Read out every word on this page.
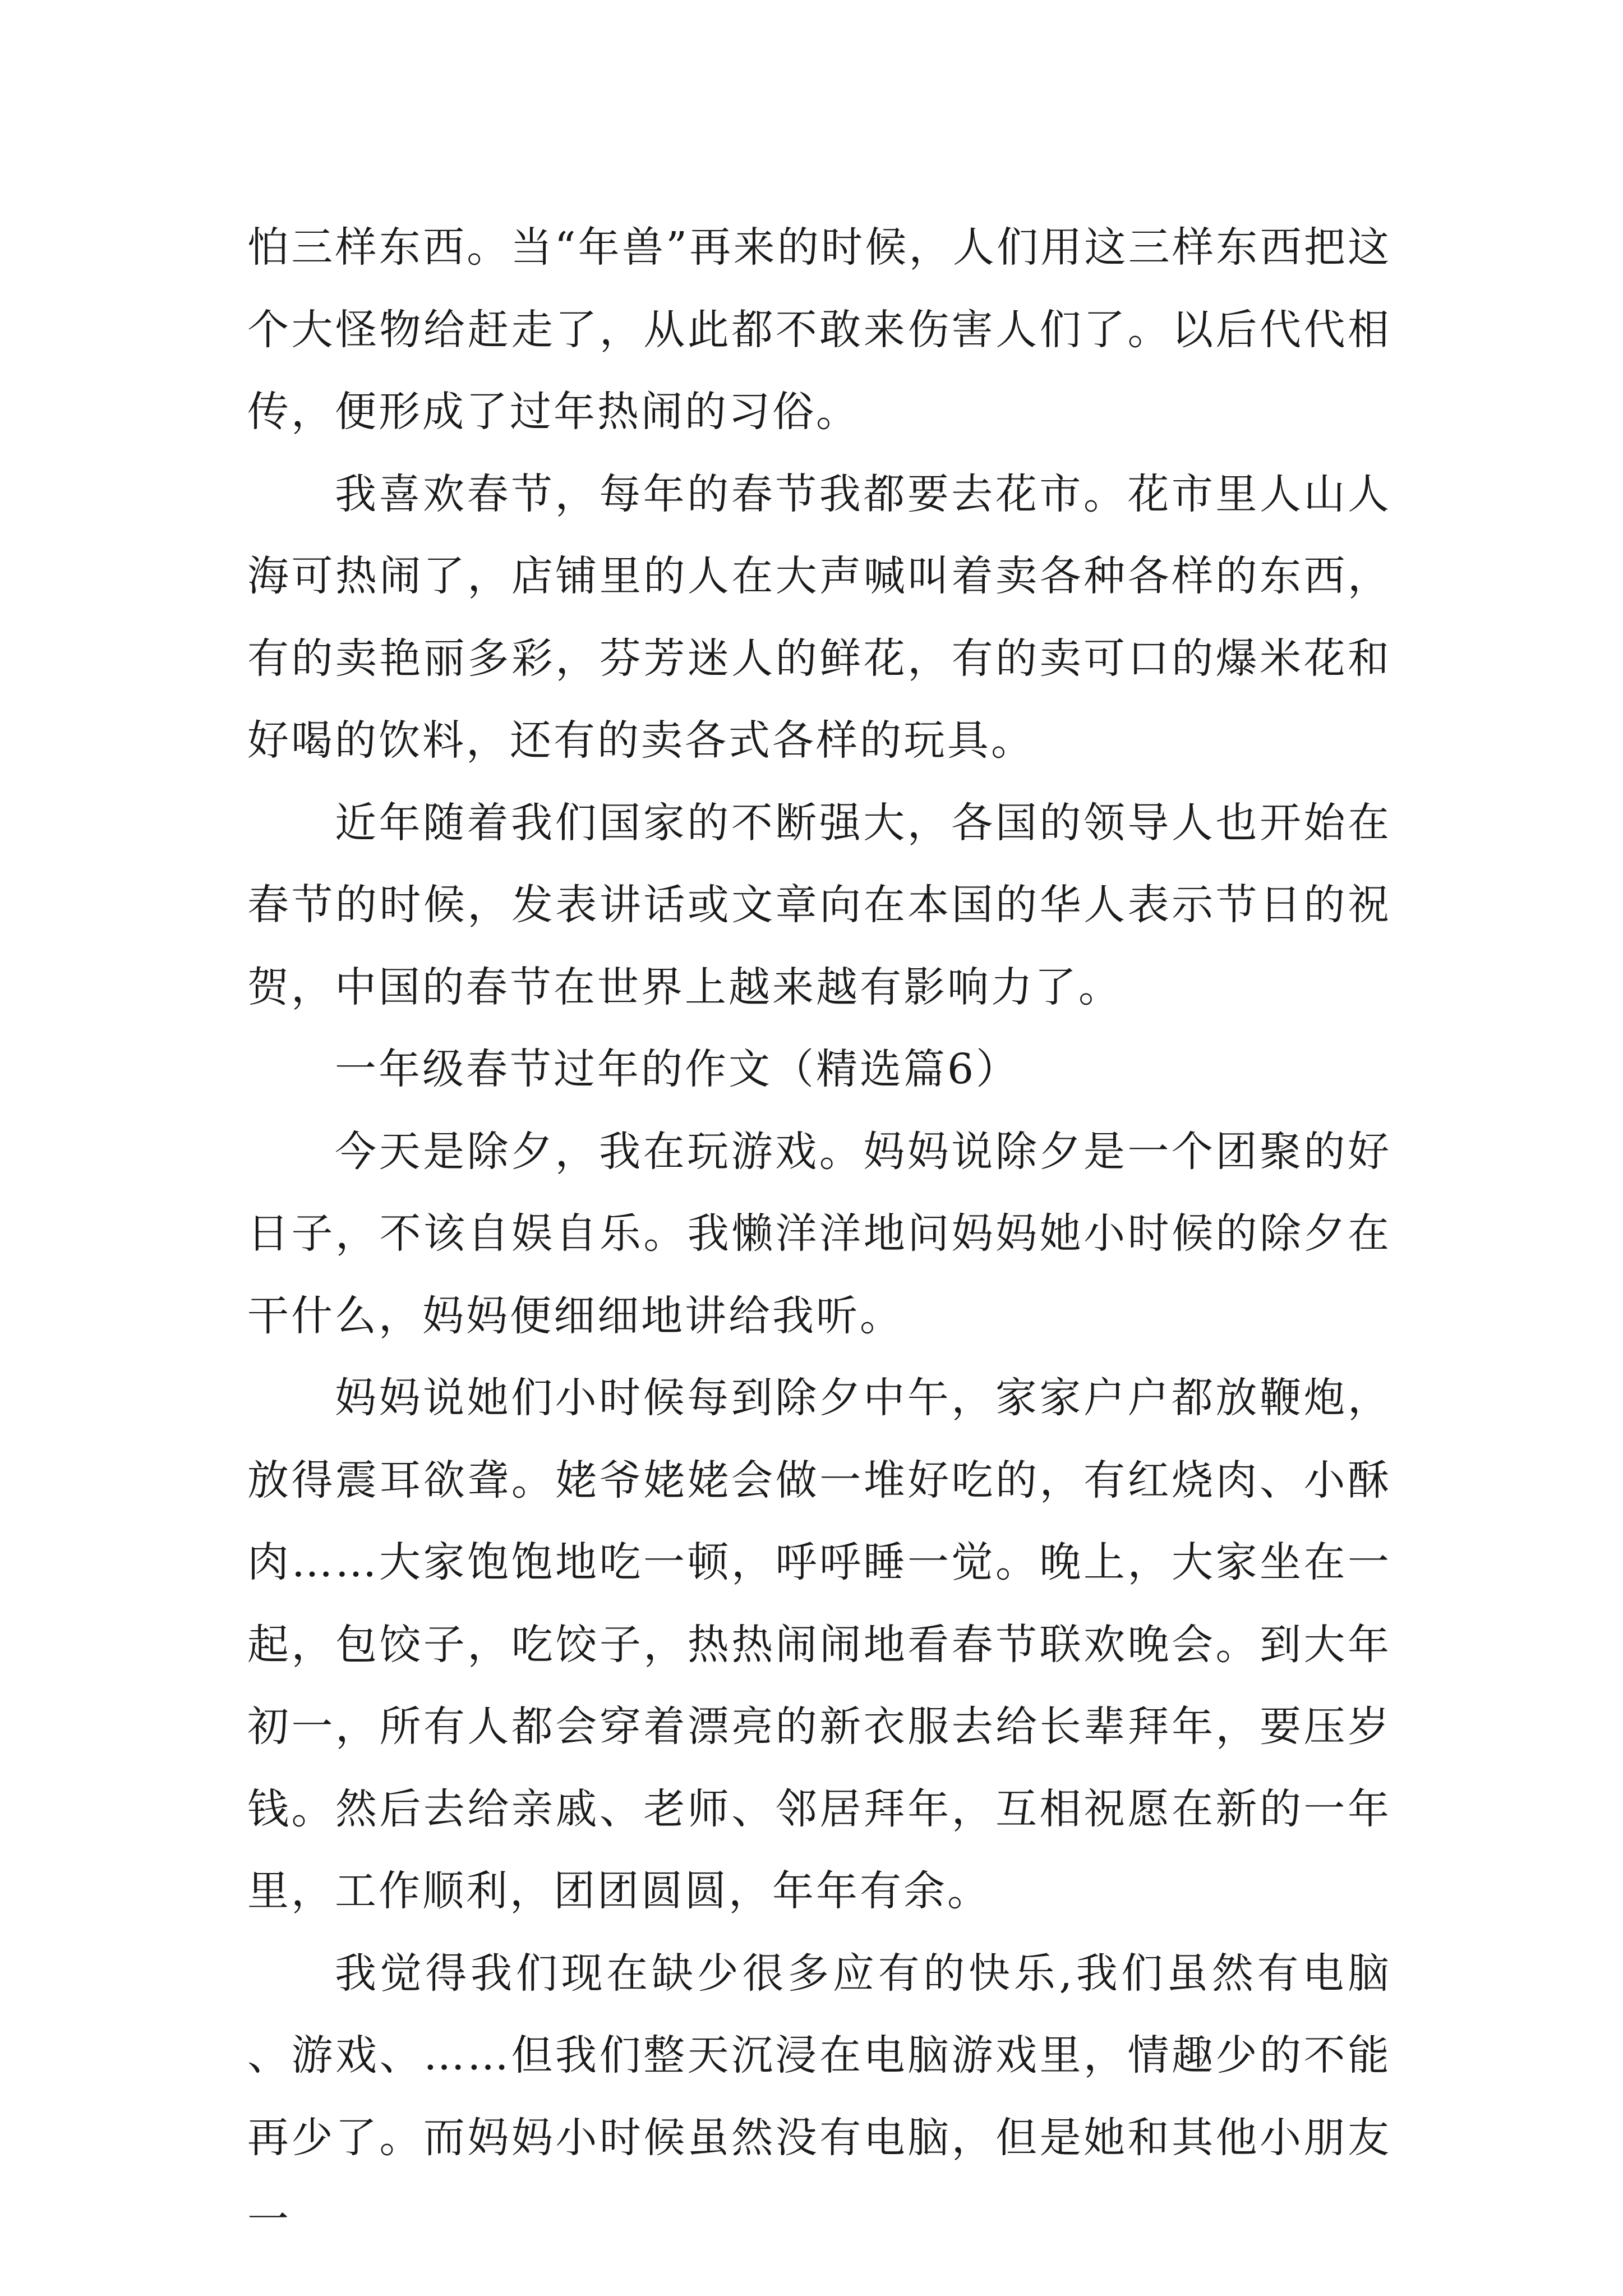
怕三样东西。当“年兽”再来的时候，人们用这三样东西把这个大怪物给赶走了，从此都不敢来伤害人们了。以后代代相传，便形成了过年热闹的习俗。

我喜欢春节，每年的春节我都要去花市。花市里人山人海可热闹了，店铺里的人在大声喊叫着卖各种各样的东西，有的卖艳丽多彩，芬芳迷人的鲜花，有的卖可口的爆米花和好喝的饮料，还有的卖各式各样的玩具。

近年随着我们国家的不断强大，各国的领导人也开始在春节的时候，发表讲话或文章向在本国的华人表示节日的祝贺，中国的春节在世界上越来越有影响力了。

一年级春节过年的作文（精选篇6）

今天是除夕，我在玩游戏。妈妈说除夕是一个团聚的好日子，不该自娱自乐。我懒洋洋地问妈妈她小时候的除夕在干什么，妈妈便细细地讲给我听。

妈妈说她们小时候每到除夕中午，家家户户都放鞭炮，放得震耳欲聋。姥爷姥姥会做一堆好吃的，有红烧肉、小酥肉……大家饱饱地吃一顿，呼呼睡一觉。晚上，大家坐在一起，包饺子，吃饺子，热热闹闹地看春节联欢晚会。到大年初一，所有人都会穿着漂亮的新衣服去给长辈拜年，要压岁钱。然后去给亲戚、老师、邻居拜年，互相祝愿在新的一年里，工作顺利，团团圆圆，年年有余。

我觉得我们现在缺少很多应有的快乐,我们虽然有电脑、游戏、……但我们整天沉浸在电脑游戏里，情趣少的不能再少了。而妈妈小时候虽然没有电脑，但是她和其他小朋友一
